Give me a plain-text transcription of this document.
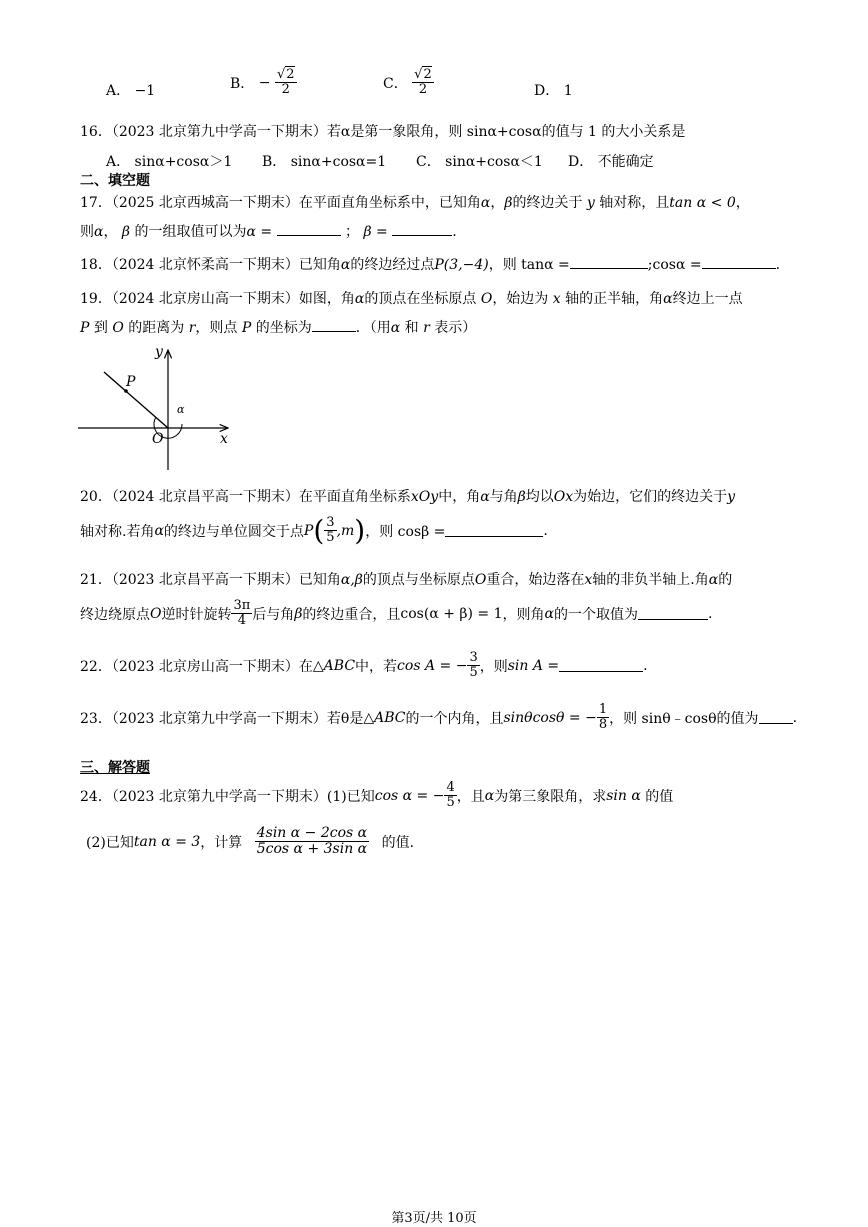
A． −1	B． − $\frac{√2}{2}$	C． $\frac{√2}{2}$	D． 1
16．（2023 北京第九中学高一下期末）若α是第一象限角，则 sinα+cosα的值与 1 的大小关系是
A． sinα+cosα＞1 B． sinα+cosα=1 C． sinα+cosα＜1 D． 不能确定
二、填空题
17．（2025 北京西城高一下期末）在平面直角坐标系中，已知角α，β的终边关于 y 轴对称，且tan α < 0，
则α， β 的一组取值可以为α =	； β =	.
18．（2024 北京怀柔高一下期末）已知角α的终边经过点P(3,−4)，则 tanα =	;cosα =	.
19．（2024 北京房山高一下期末）如图，角α的顶点在坐标原点 O，始边为 x 轴的正半轴，角α终边上一点
P 到 O 的距离为 r，则点 P 的坐标为	．（用α 和 r 表示）
y
x
O
P
α
20．（2024 北京昌平高一下期末）在平面直角坐标系xOy中，角α与角β均以Ox为始边，它们的终边关于y
轴对称.若角α的终边与单位圆交于点$P( \frac{3}{5} ,m)$，则 cosβ =	.
21．（2023 北京昌平高一下期末）已知角α,β的顶点与坐标原点O重合，始边落在x轴的非负半轴上.角α的
终边绕原点O逆时针旋转 $\frac{3\pi}{4}$ 后与角β的终边重合，且cos(α + β) = 1，则角α的一个取值为	.
22．（2023 北京房山高一下期末）在△ABC中，若cos A = − $\frac{3}{5}$ ，则sin A =	.
23．（2023 北京第九中学高一下期末）若θ是△ABC的一个内角，且sinθcosθ = − $\frac{1}{8}$ ，则 sinθ﹣cosθ的值为 .
三、解答题
24．（2023 北京第九中学高一下期末）(1)已知cos α = − $\frac{4}{5}$ ，且α为第三象限角，求sin α 的值
(2)已知tan α = 3，计算 $\frac{\text{4sin α − 2cos α}}{\text{5cos α + 3sin α}}$ 的值.
第3页/共 10页
